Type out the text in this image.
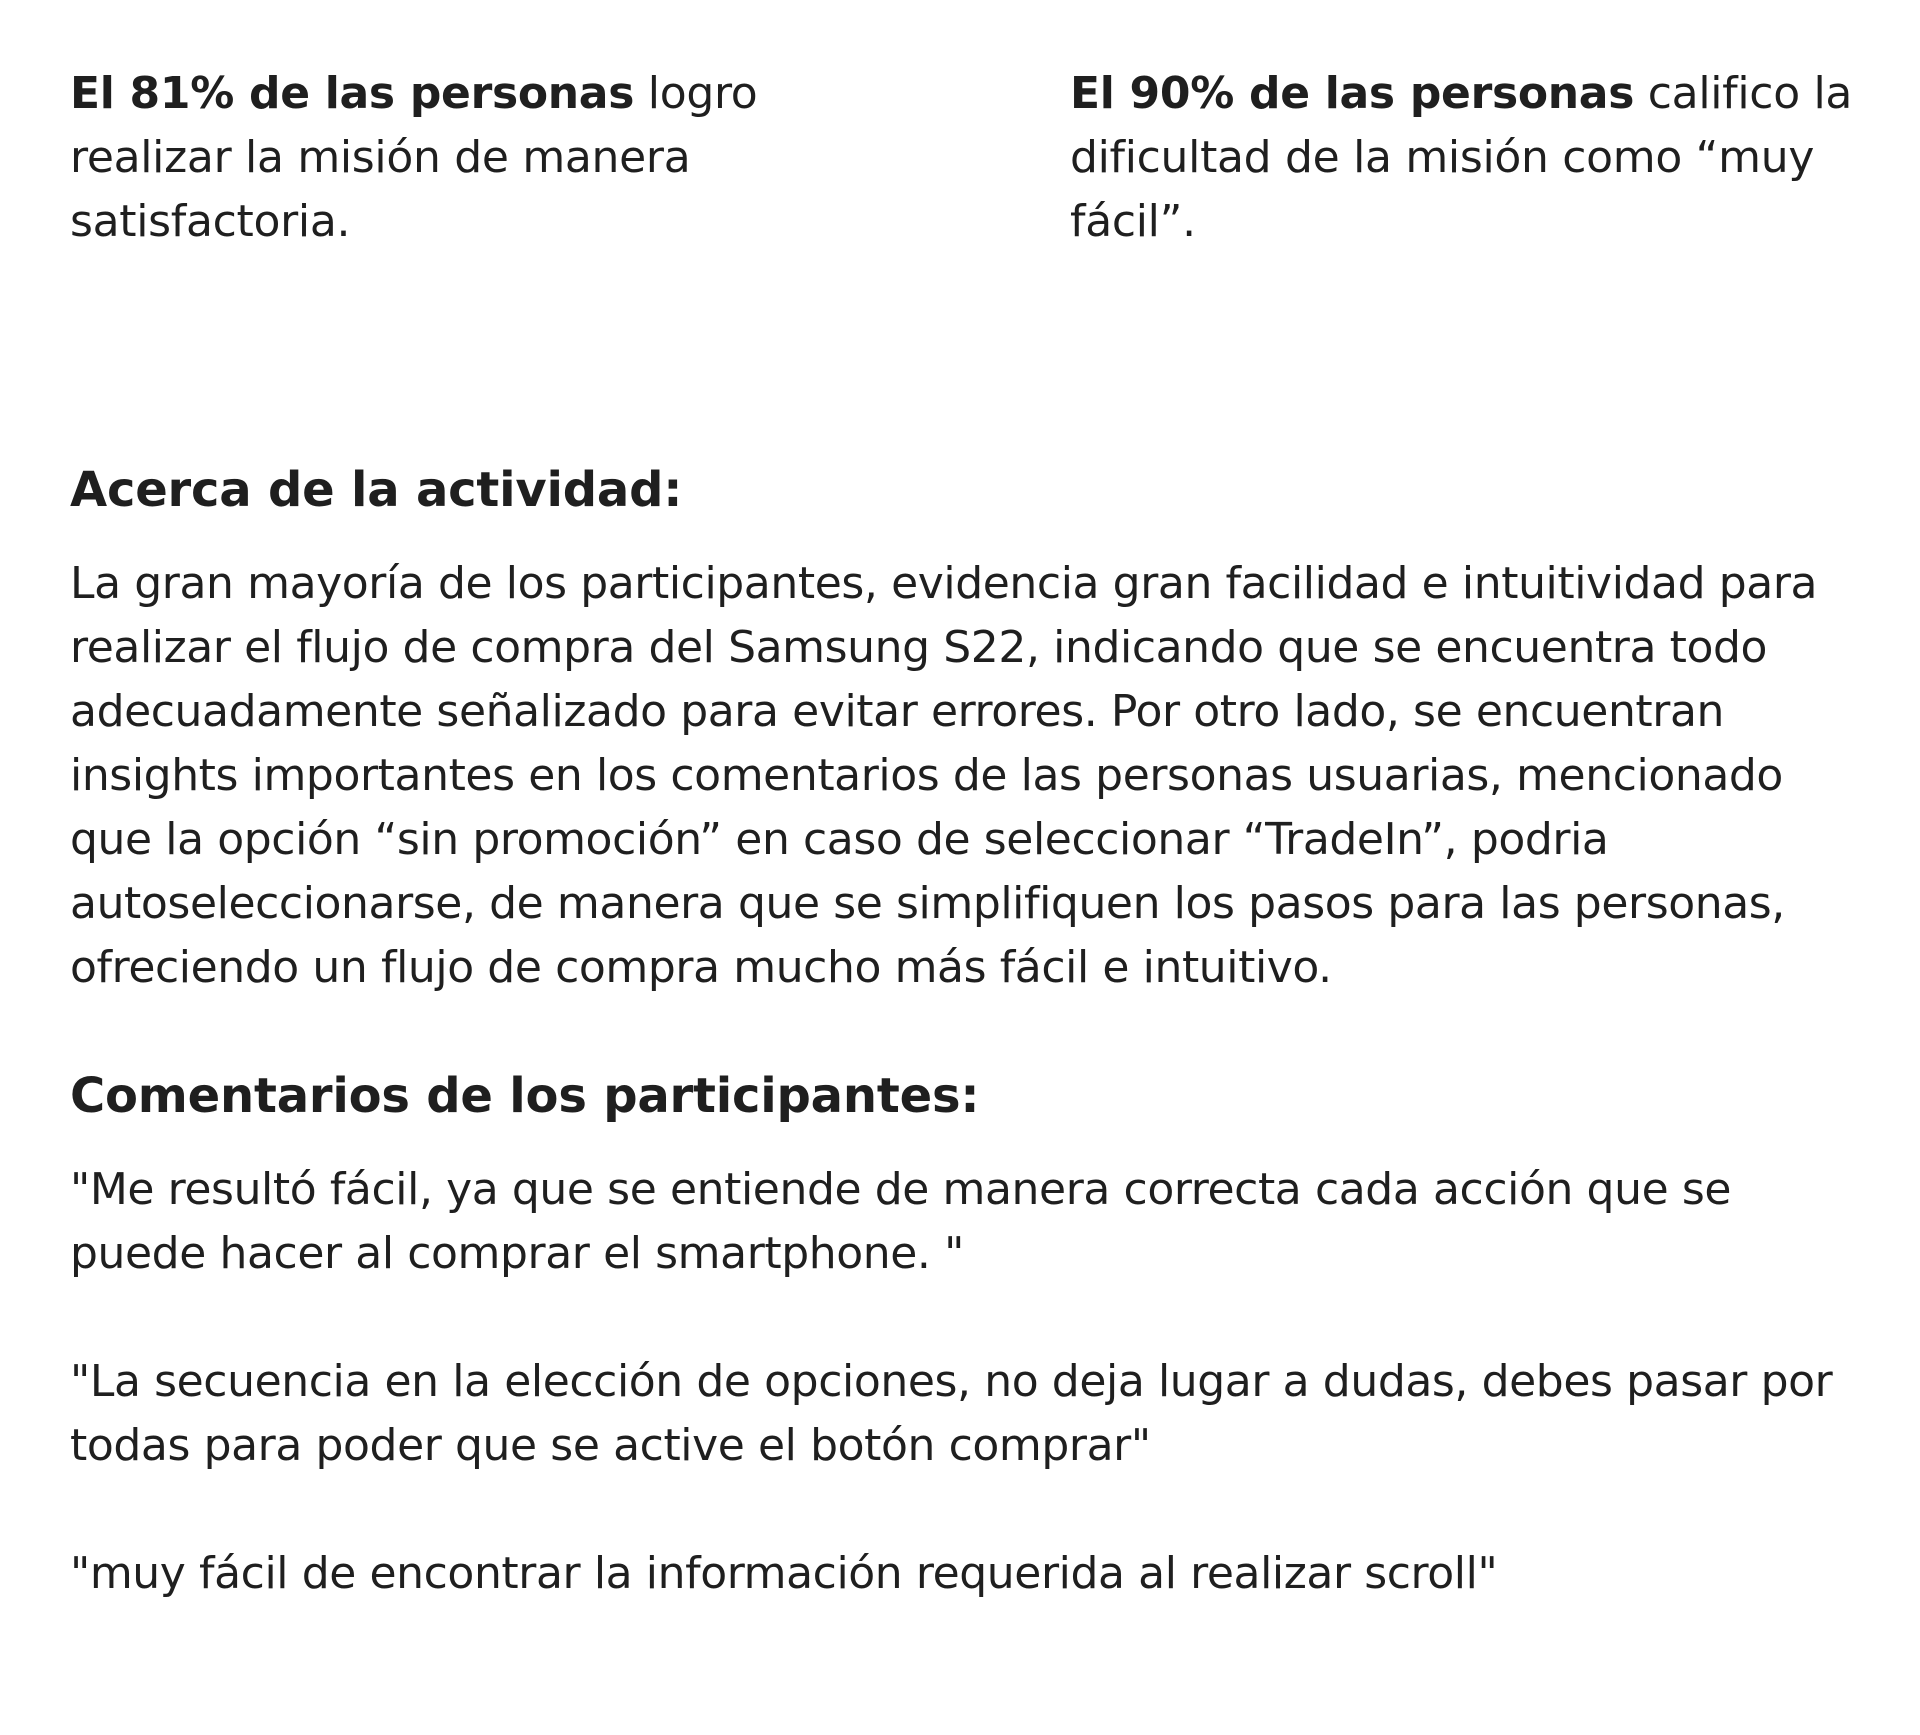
El 81% de las personas logro realizar la misión de manera satisfactoria.

El 90% de las personas califico la dificultad de la misión como “muy fácil”.

Acerca de la actividad:

La gran mayoría de los participantes, evidencia gran facilidad e intuitividad para realizar el flujo de compra del Samsung S22, indicando que se encuentra todo adecuadamente señalizado para evitar errores. Por otro lado, se encuentran insights importantes en los comentarios de las personas usuarias, mencionado que la opción “sin promoción” en caso de seleccionar “TradeIn”, podria autoseleccionarse, de manera que se simplifiquen los pasos para las personas, ofreciendo un flujo de compra mucho más fácil e intuitivo.

Comentarios de los participantes:

"Me resultó fácil, ya que se entiende de manera correcta cada acción que se puede hacer al comprar el smartphone. "

"La secuencia en la elección de opciones, no deja lugar a dudas, debes pasar por todas para poder que se active el botón comprar"

"muy fácil de encontrar la información requerida al realizar scroll"
